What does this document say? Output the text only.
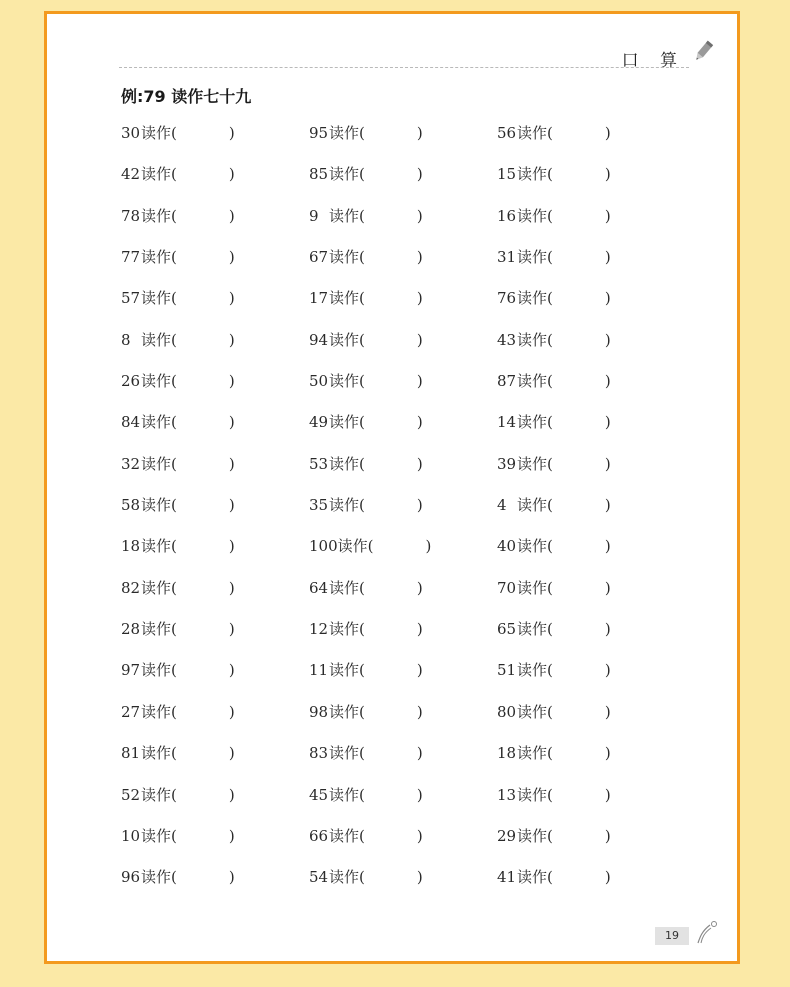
口 算
例:79 读作七十九
30读作(	)	95读作(	)	56读作(	)
42读作(	)	85读作(	)	15读作(	)
78读作(	)	9 读作(	)	16读作(	)
77读作(	)	67读作(	)	31读作(	)
57读作(	)	17读作(	)	76读作(	)
8 读作(	)	94读作(	)	43读作(	)
26读作(	)	50读作(	)	87读作(	)
84读作(	)	49读作(	)	14读作(	)
32读作(	)	53读作(	)	39读作(	)
58读作(	)	35读作(	)	4 读作(	)
18读作(	)	100读作(	)	40读作(	)
82读作(	)	64读作(	)	70读作(	)
28读作(	)	12读作(	)	65读作(	)
97读作(	)	11读作(	)	51读作(	)
27读作(	)	98读作(	)	80读作(	)
81读作(	)	83读作(	)	18读作(	)
52读作(	)	45读作(	)	13读作(	)
10读作(	)	66读作(	)	29读作(	)
96读作(	)	54读作(	)	41读作(	)
19
